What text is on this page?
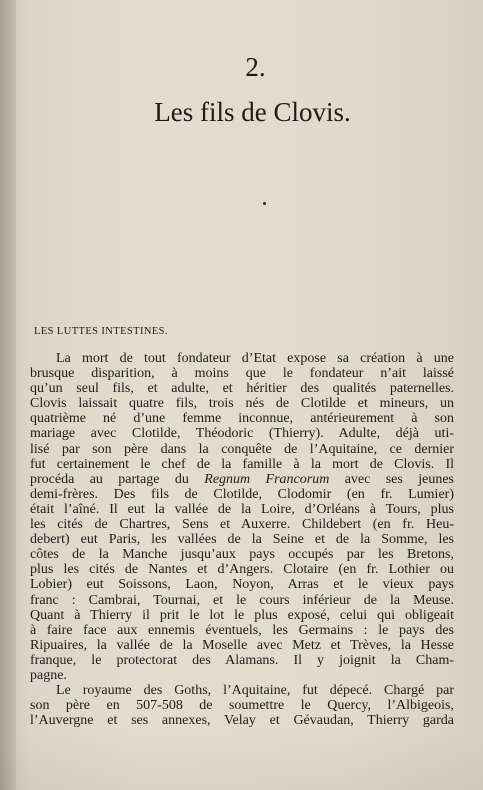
2.
Les fils de Clovis.
LES LUTTES INTESTINES.
La mort de tout fondateur d’Etat expose sa création à une
brusque disparition, à moins que le fondateur n’ait laissé
qu’un seul fils, et adulte, et héritier des qualités paternelles.
Clovis laissait quatre fils, trois nés de Clotilde et mineurs, un
quatrième né d’une femme inconnue, antérieurement à son
mariage avec Clotilde, Théodoric (Thierry). Adulte, déjà uti-
lisé par son père dans la conquête de l’Aquitaine, ce dernier
fut certainement le chef de la famille à la mort de Clovis. Il
procéda au partage du Regnum Francorum avec ses jeunes
demi-frères. Des fils de Clotilde, Clodomir (en fr. Lumier)
était l’aîné. Il eut la vallée de la Loire, d’Orléans à Tours, plus
les cités de Chartres, Sens et Auxerre. Childebert (en fr. Heu-
debert) eut Paris, les vallées de la Seine et de la Somme, les
côtes de la Manche jusqu’aux pays occupés par les Bretons,
plus les cités de Nantes et d’Angers. Clotaire (en fr. Lothier ou
Lobier) eut Soissons, Laon, Noyon, Arras et le vieux pays
franc : Cambrai, Tournai, et le cours inférieur de la Meuse.
Quant à Thierry il prit le lot le plus exposé, celui qui obligeait
à faire face aux ennemis éventuels, les Germains : le pays des
Ripuaires, la vallée de la Moselle avec Metz et Trèves, la Hesse
franque, le protectorat des Alamans. Il y joignit la Cham-
pagne.
Le royaume des Goths, l’Aquitaine, fut dépecé. Chargé par
son père en 507-508 de soumettre le Quercy, l’Albigeois,
l’Auvergne et ses annexes, Velay et Gévaudan, Thierry garda
